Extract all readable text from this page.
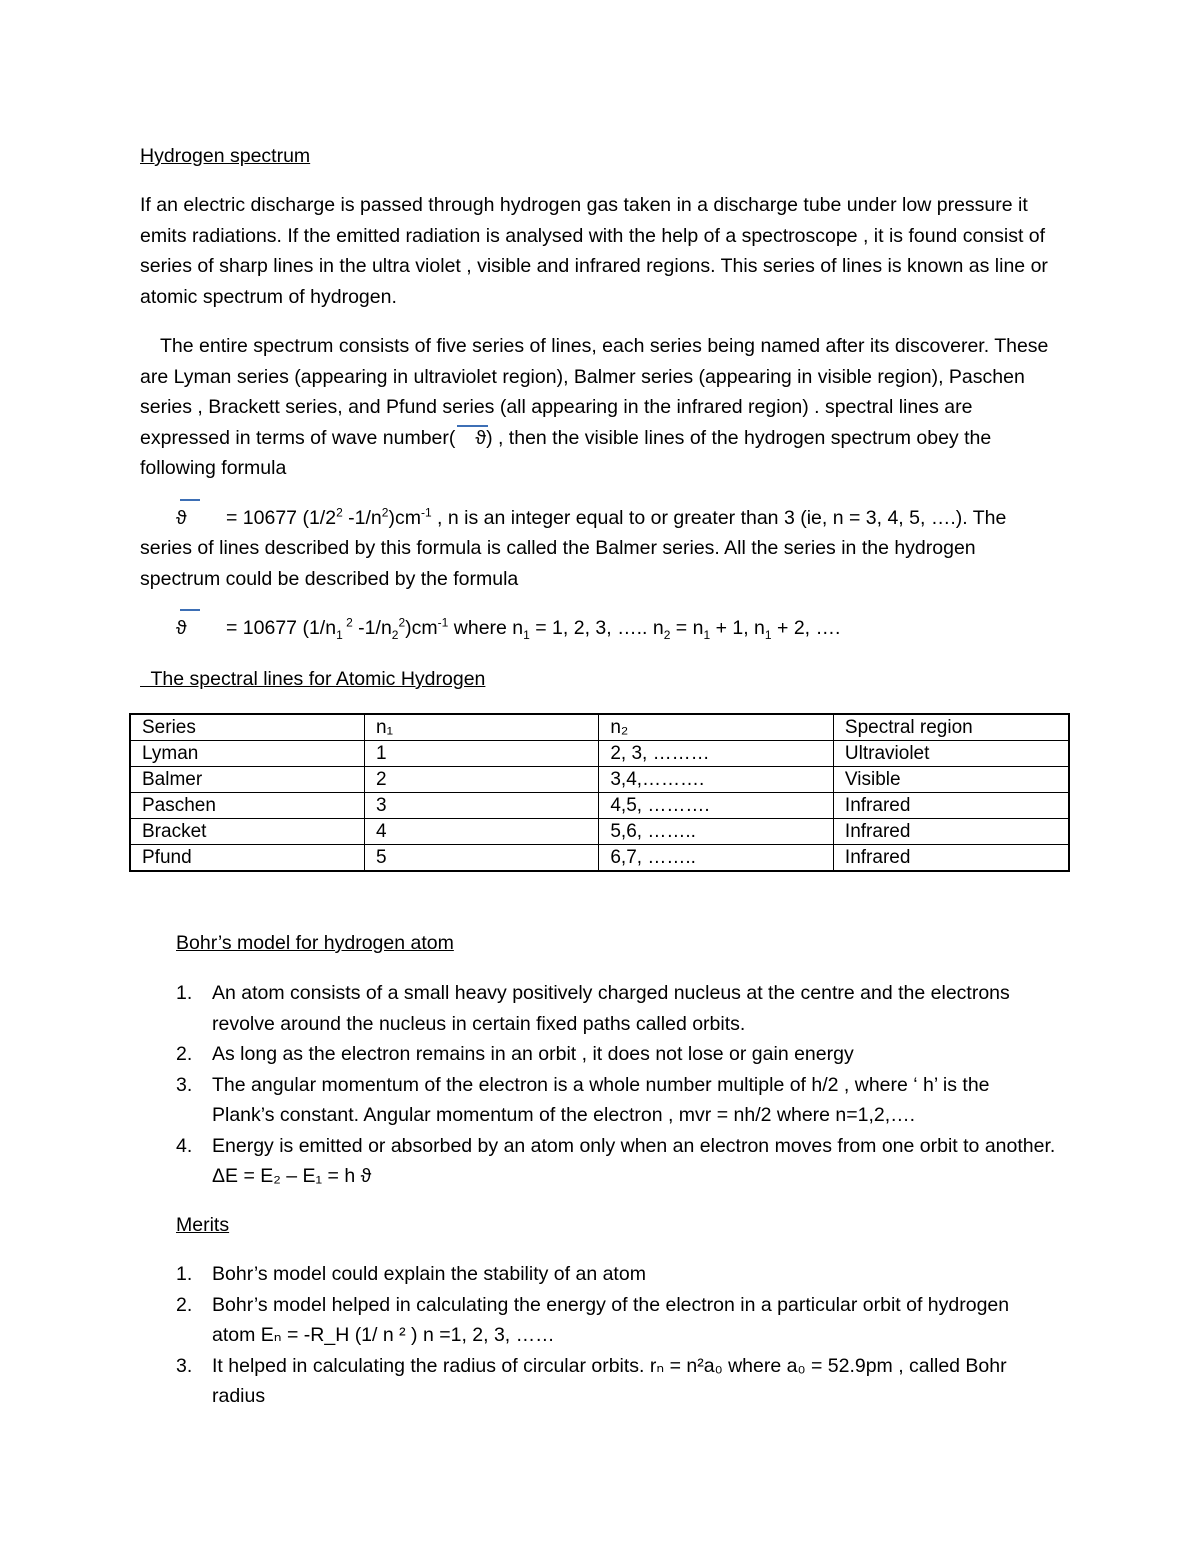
Hydrogen spectrum
If an electric discharge is passed through hydrogen gas taken in a discharge tube under low pressure it emits radiations. If the emitted radiation is analysed with the help of a spectroscope , it is found consist of series of sharp lines in the ultra violet , visible and infrared regions. This series of lines is known as line or atomic spectrum of hydrogen.
The entire spectrum consists of five series of lines, each series being named after its discoverer. These are Lyman series (appearing in ultraviolet region), Balmer series (appearing in visible region), Paschen series , Brackett series, and Pfund series (all appearing in the infrared region) . spectral lines are expressed in terms of wave number( ϑ) , then the visible lines of the hydrogen spectrum obey the following formula
ϑ = 10677 ($1/2^2$ $-1/n^2)cm^{-1}$ , n is an integer equal to or greater than 3 (ie, n = 3, 4, 5, ….). The
series of lines described by this formula is called the Balmer series. All the series in the hydrogen spectrum could be described by the formula
ϑ = 10677 ($1/n_1$ $^2$ $-1/n_2^2)cm^{-1}$ where $n_1 = 1$, 2, 3, ….. $n_2 = n_1 + 1$, $n_1 + 2$, ….
The spectral lines for Atomic Hydrogen
Series	n₁	n₂	Spectral region
Lyman	1	2, 3, ………	Ultraviolet
Balmer	2	3,4,……….	Visible
Paschen	3	4,5, ……….	Infrared
Bracket	4	5,6, ……..	Infrared
Pfund	5	6,7, ……..	Infrared
Bohr’s model for hydrogen atom
1. An atom consists of a small heavy positively charged nucleus at the centre and the electrons revolve around the nucleus in certain fixed paths called orbits.
2. As long as the electron remains in an orbit , it does not lose or gain energy
3. The angular momentum of the electron is a whole number multiple of h/2 , where ‘ h’ is the Plank’s constant. Angular momentum of the electron , mvr = nh/2 where n=1,2,….
4. Energy is emitted or absorbed by an atom only when an electron moves from one orbit to another. ΔE = E₂ – E₁ = h ϑ
Merits
1. Bohr’s model could explain the stability of an atom
2. Bohr’s model helped in calculating the energy of the electron in a particular orbit of hydrogen atom Eₙ = -R_H (1/ n ² ) n =1, 2, 3, ……
3. It helped in calculating the radius of circular orbits. rₙ = n²a₀ where a₀ = 52.9pm , called Bohr radius
